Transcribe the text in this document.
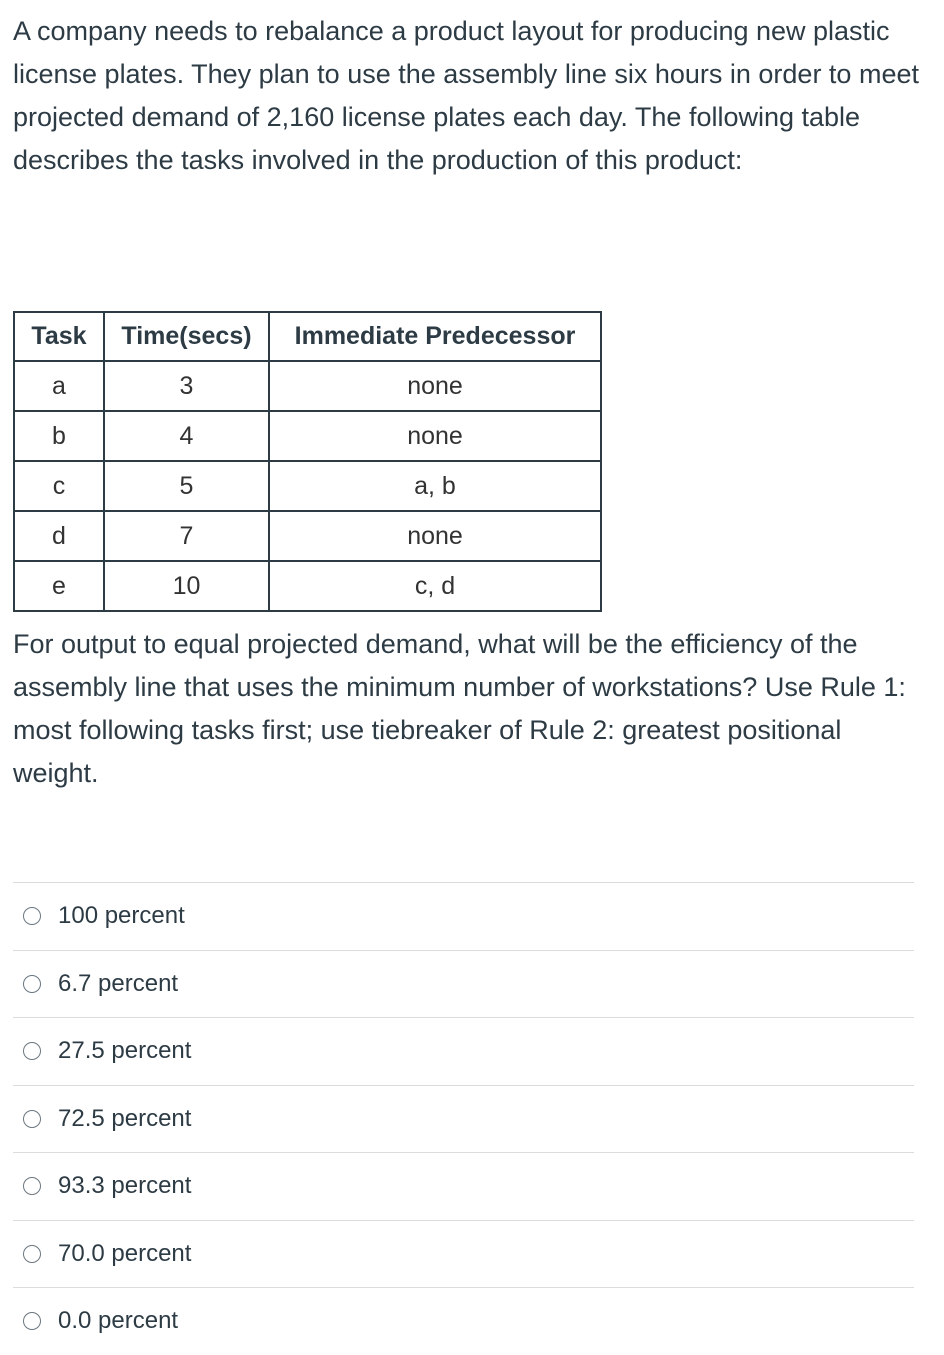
A company needs to rebalance a product layout for producing new plastic license plates. They plan to use the assembly line six hours in order to meet projected demand of 2,160 license plates each day. The following table describes the tasks involved in the production of this product:

Task	Time(secs)	Immediate Predecessor
a	3	none
b	4	none
c	5	a, b
d	7	none
e	10	c, d

For output to equal projected demand, what will be the efficiency of the assembly line that uses the minimum number of workstations? Use Rule 1: most following tasks first; use tiebreaker of Rule 2: greatest positional weight.

100 percent
6.7 percent
27.5 percent
72.5 percent
93.3 percent
70.0 percent
0.0 percent
